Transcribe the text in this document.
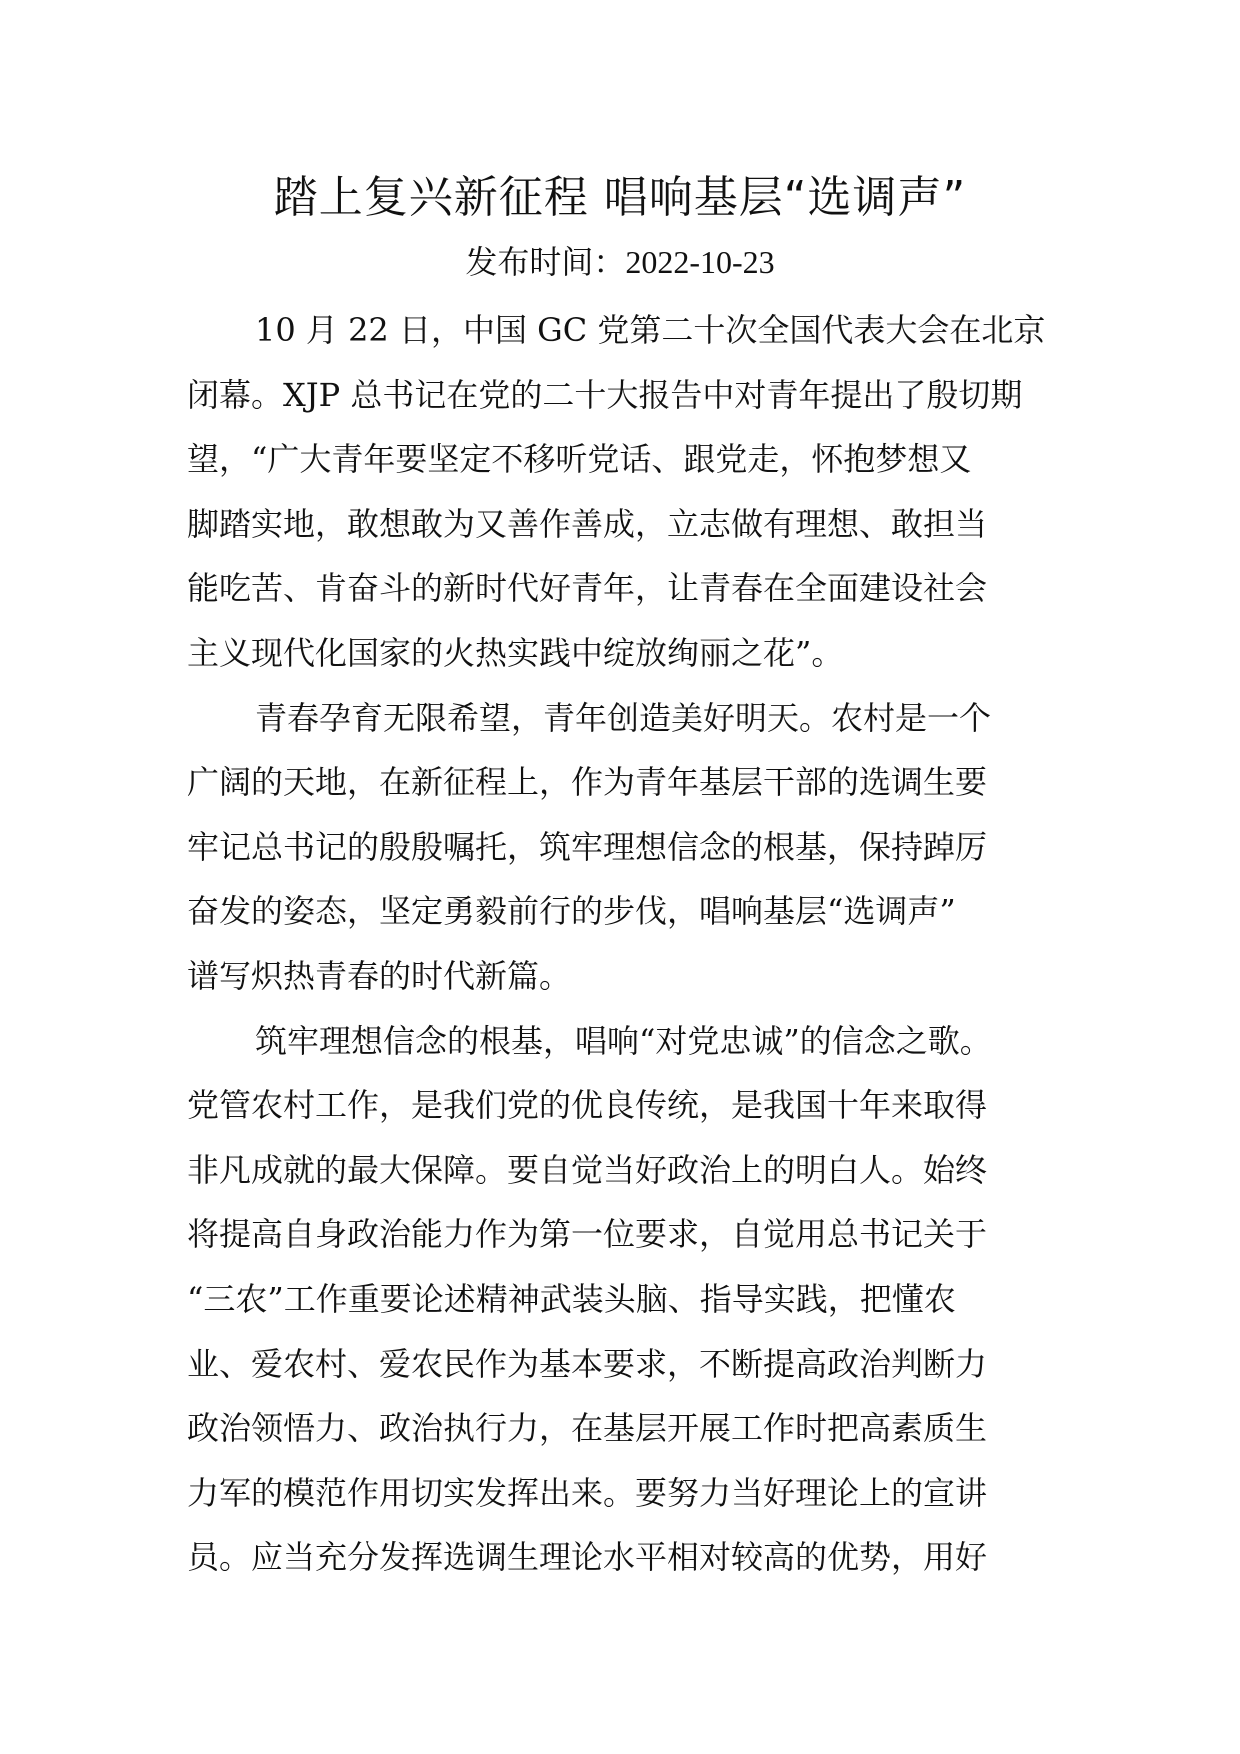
踏上复兴新征程 唱响基层“选调声”
发布时间：2022-10-23

10 月 22 日，中国 GC 党第二十次全国代表大会在北京
闭幕。XJP 总书记在党的二十大报告中对青年提出了殷切期
望，“广大青年要坚定不移听党话、跟党走，怀抱梦想又
脚踏实地，敢想敢为又善作善成，立志做有理想、敢担当
能吃苦、肯奋斗的新时代好青年，让青春在全面建设社会
主义现代化国家的火热实践中绽放绚丽之花”。

青春孕育无限希望，青年创造美好明天。农村是一个
广阔的天地，在新征程上，作为青年基层干部的选调生要
牢记总书记的殷殷嘱托，筑牢理想信念的根基，保持踔厉
奋发的姿态，坚定勇毅前行的步伐，唱响基层“选调声”
谱写炽热青春的时代新篇。

筑牢理想信念的根基，唱响“对党忠诚”的信念之歌。
党管农村工作，是我们党的优良传统，是我国十年来取得
非凡成就的最大保障。要自觉当好政治上的明白人。始终
将提高自身政治能力作为第一位要求，自觉用总书记关于
“三农”工作重要论述精神武装头脑、指导实践，把懂农
业、爱农村、爱农民作为基本要求，不断提高政治判断力
政治领悟力、政治执行力，在基层开展工作时把高素质生
力军的模范作用切实发挥出来。要努力当好理论上的宣讲
员。应当充分发挥选调生理论水平相对较高的优势，用好
